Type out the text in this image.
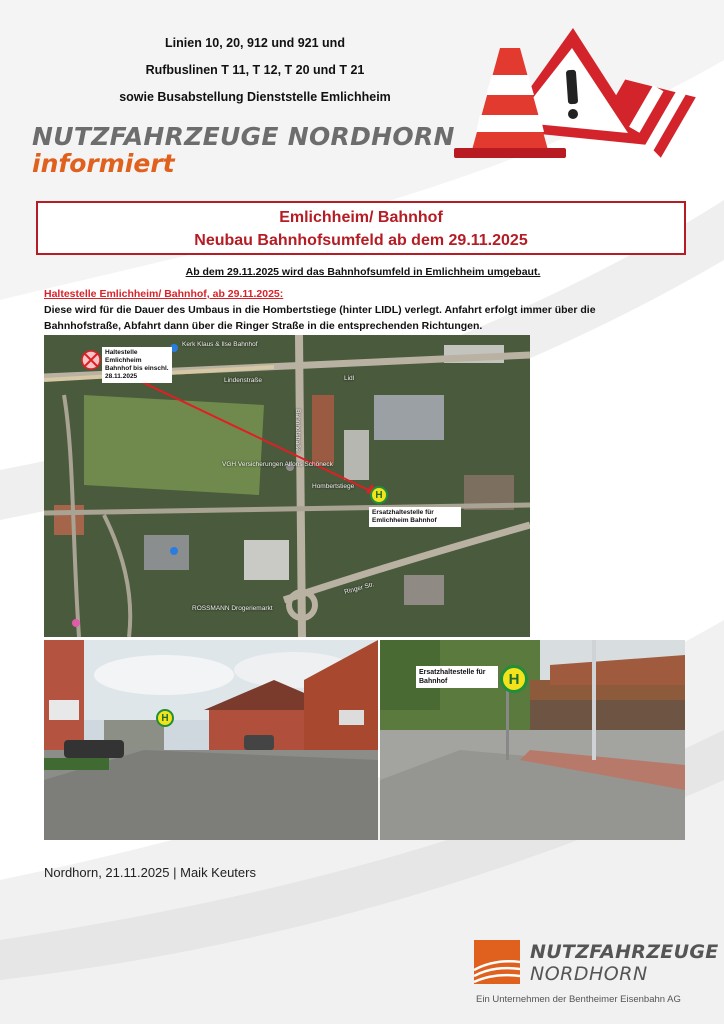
Linien 10, 20, 912 und 921 und
Rufbuslinen T 11, T 12, T 20 und T 21
sowie Busabstellung Dienststelle Emlichheim
NUTZFAHRZEUGE NORDHORN
informiert
Emlichheim/ Bahnhof
Neubau Bahnhofsumfeld ab dem 29.11.2025
Ab dem 29.11.2025 wird das Bahnhofsumfeld in Emlichheim umgebaut.
Haltestelle Emlichheim/ Bahnhof, ab 29.11.2025:
Diese wird für die Dauer des Umbaus in die Hombertstiege (hinter LIDL) verlegt. Anfahrt erfolgt immer über die Bahnhofstraße, Abfahrt dann über die Ringer Straße in die entsprechenden Richtungen.
Haltestelle Emlichheim Bahnhof bis einschl. 28.11.2025
H
Ersatzhaltestelle für Emlichheim Bahnhof
Lindenstraße
Bahnhofstraße
Hombertstiege
Ringer Str.
Kerk Klaus & Ilse Bahnhof
VGH Versicherungen Alfons Schöneck
ROSSMANN Drogeriemarkt
Lidl
H
H
Ersatzhaltestelle für Bahnhof
Nordhorn, 21.11.2025 | Maik Keuters
NUTZFAHRZEUGE
NORDHORN
Ein Unternehmen der Bentheimer Eisenbahn AG
